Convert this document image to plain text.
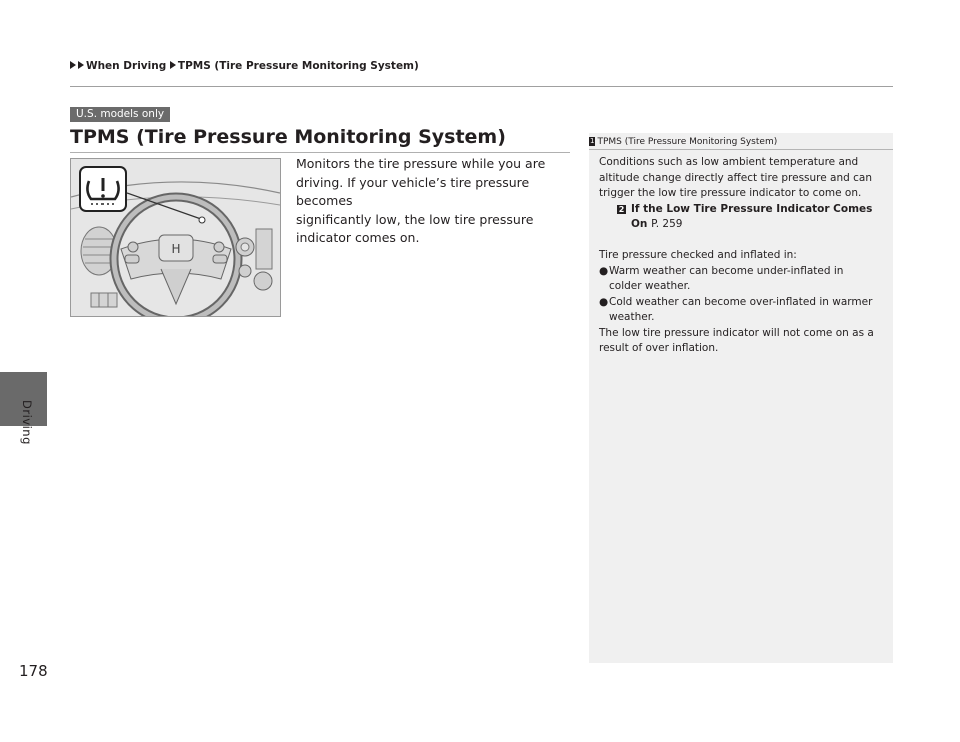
When Driving TPMS (Tire Pressure Monitoring System)
Driving
178
U.S. models only
TPMS (Tire Pressure Monitoring System)
H
Monitors the tire pressure while you are
driving. If your vehicle’s tire pressure becomes
significantly low, the low tire pressure
indicator comes on.
1 TPMS (Tire Pressure Monitoring System)

Conditions such as low ambient temperature and

altitude change directly affect tire pressure and can

trigger the low tire pressure indicator to come on.

2 If the Low Tire Pressure Indicator Comes
On P. 259

Tire pressure checked and inflated in:

● Warm weather can become under-inflated in
colder weather.
● Cold weather can become over-inflated in warmer
weather.

The low tire pressure indicator will not come on as a

result of over inflation.
